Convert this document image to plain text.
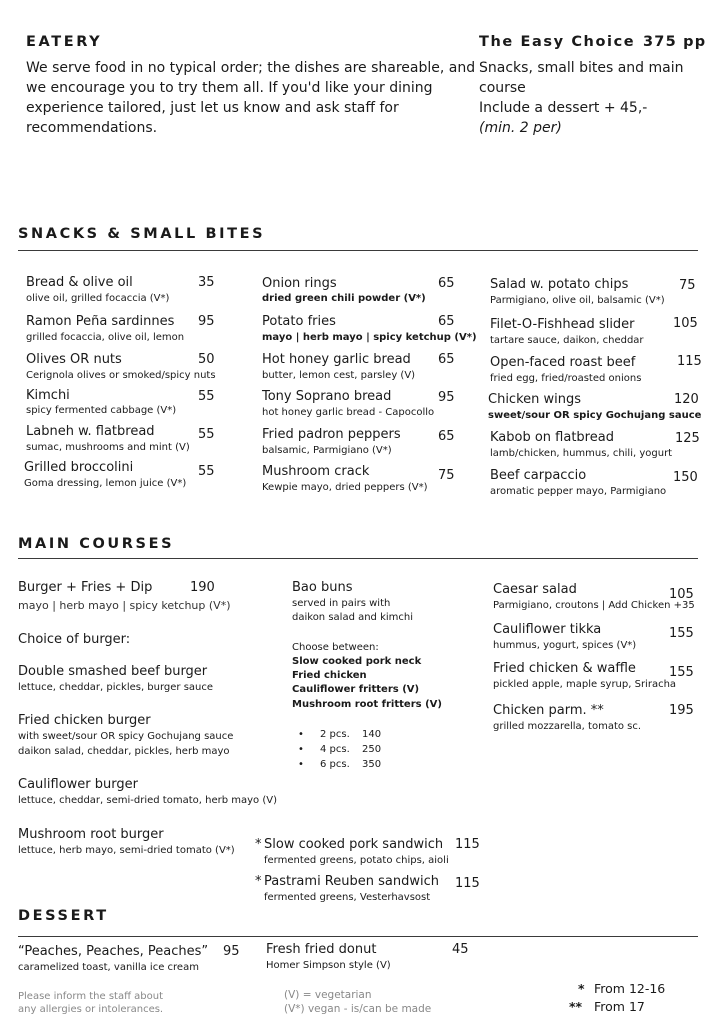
EATERY
We serve food in no typical order; the dishes are shareable, and
we encourage you to try them all. If you'd like your dining
experience tailored, just let us know and ask staff for
recommendations.
The Easy Choice 375 pp
Snacks, small bites and main
course
Include a dessert + 45,-
(min. 2 per)
SNACKS & SMALL BITES
Bread & olive oil
olive oil, grilled focaccia (V*)
35
Ramon Peña sardinnes
grilled focaccia, olive oil, lemon
95
Olives OR nuts
Cerignola olives or smoked/spicy nuts
50
Kimchi
spicy fermented cabbage (V*)
55
Labneh w. flatbread
sumac, mushrooms and mint (V)
55
Grilled broccolini
Goma dressing, lemon juice (V*)
55
Onion rings
dried green chili powder (V*)
65
Potato fries
mayo | herb mayo | spicy ketchup (V*)
65
Hot honey garlic bread
butter, lemon cest, parsley (V)
65
Tony Soprano bread
hot honey garlic bread - Capocollo
95
Fried padron peppers
balsamic, Parmigiano (V*)
65
Mushroom crack
Kewpie mayo, dried peppers (V*)
75
Salad w. potato chips
Parmigiano, olive oil, balsamic (V*)
75
Filet-O-Fishhead slider
tartare sauce, daikon, cheddar
105
Open-faced roast beef
fried egg, fried/roasted onions
115
Chicken wings
sweet/sour OR spicy Gochujang sauce
120
Kabob on flatbread
lamb/chicken, hummus, chili, yogurt
125
Beef carpaccio
aromatic pepper mayo, Parmigiano
150
MAIN COURSES
Burger + Fries + Dip	190
mayo | herb mayo | spicy ketchup (V*)
Choice of burger:
Double smashed beef burger
lettuce, cheddar, pickles, burger sauce
Fried chicken burger
with sweet/sour OR spicy Gochujang sauce
daikon salad, cheddar, pickles, herb mayo
Cauliflower burger
lettuce, cheddar, semi-dried tomato, herb mayo (V)
Mushroom root burger
lettuce, herb mayo, semi-dried tomato (V*)
Bao buns
served in pairs with
daikon salad and kimchi
Choose between:
Slow cooked pork neck
Fried chicken
Cauliflower fritters (V)
Mushroom root fritters (V)
• 2 pcs. 140
• 4 pcs. 250
• 6 pcs. 350
* Slow cooked pork sandwich
fermented greens, potato chips, aioli
115
* Pastrami Reuben sandwich
fermented greens, Vesterhavsost
115
Caesar salad
Parmigiano, croutons | Add Chicken +35
105
Cauliflower tikka
hummus, yogurt, spices (V*)
155
Fried chicken & waffle
pickled apple, maple syrup, Sriracha
155
Chicken parm. **
grilled mozzarella, tomato sc.
195
DESSERT
“Peaches, Peaches, Peaches”
caramelized toast, vanilla ice cream
95 Fresh fried donut
Homer Simpson style (V)
45
Please inform the staff about
any allergies or intolerances.
(V) = vegetarian
(V*) vegan - is/can be made
* From 12-16
** From 17
